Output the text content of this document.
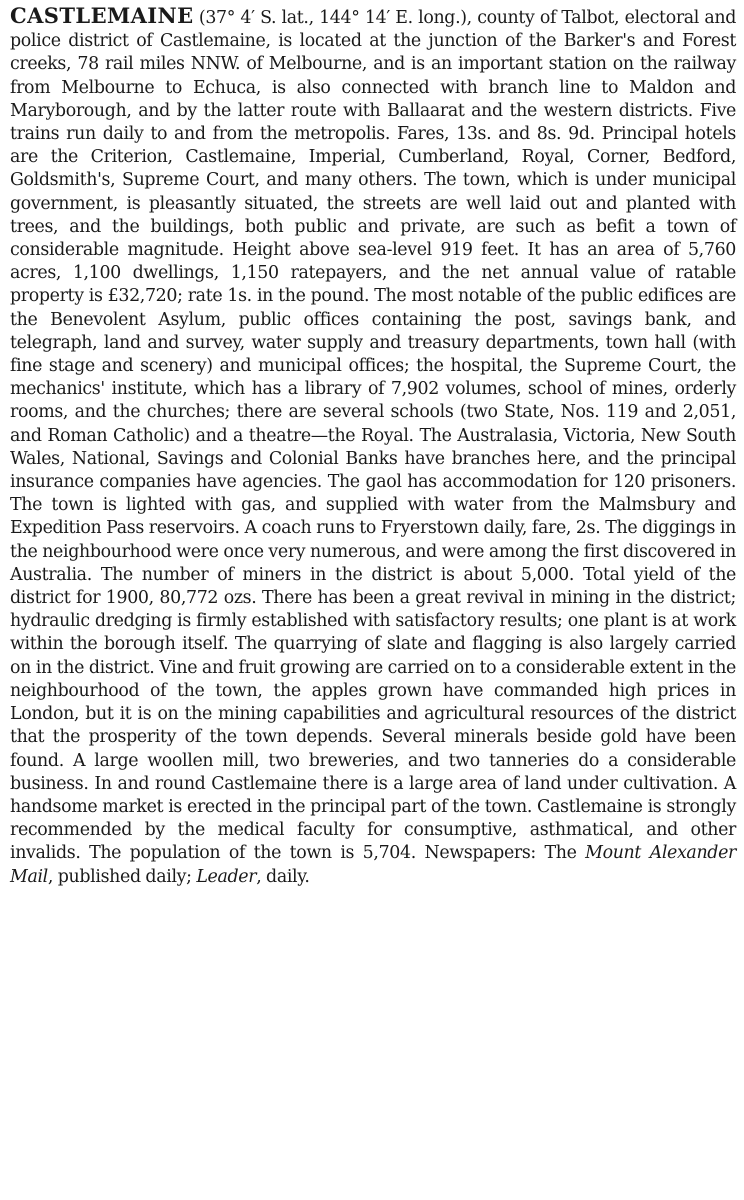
CASTLEMAINE (37° 4′ S. lat., 144° 14′ E. long.), county of Talbot, electoral and police district of Castlemaine, is located at the junction of the Barker's and Forest creeks, 78 rail miles NNW. of Melbourne, and is an important station on the railway from Melbourne to Echuca, is also connected with branch line to Maldon and Maryborough, and by the latter route with Ballaarat and the western districts. Five trains run daily to and from the metropolis. Fares, 13s. and 8s. 9d. Principal hotels are the Criterion, Castlemaine, Imperial, Cumberland, Royal, Corner, Bedford, Goldsmith's, Supreme Court, and many others. The town, which is under municipal government, is pleasantly situated, the streets are well laid out and planted with trees, and the buildings, both public and private, are such as befit a town of considerable magnitude. Height above sea-level 919 feet. It has an area of 5,760 acres, 1,100 dwellings, 1,150 ratepayers, and the net annual value of ratable property is £32,720; rate 1s. in the pound. The most notable of the public edifices are the Benevolent Asylum, public offices containing the post, savings bank, and telegraph, land and survey, water supply and treasury departments, town hall (with fine stage and scenery) and municipal offices; the hospital, the Supreme Court, the mechanics' institute, which has a library of 7,902 volumes, school of mines, orderly rooms, and the churches; there are several schools (two State, Nos. 119 and 2,051, and Roman Catholic) and a theatre—the Royal. The Australasia, Victoria, New South Wales, National, Savings and Colonial Banks have branches here, and the principal insurance companies have agencies. The gaol has accommodation for 120 prisoners. The town is lighted with gas, and supplied with water from the Malmsbury and Expedition Pass reservoirs. A coach runs to Fryerstown daily, fare, 2s. The diggings in the neighbourhood were once very numerous, and were among the first discovered in Australia. The number of miners in the district is about 5,000. Total yield of the district for 1900, 80,772 ozs. There has been a great revival in mining in the district; hydraulic dredging is firmly established with satisfactory results; one plant is at work within the borough itself. The quarrying of slate and flagging is also largely carried on in the district. Vine and fruit growing are carried on to a considerable extent in the neighbourhood of the town, the apples grown have commanded high prices in London, but it is on the mining capabilities and agricultural resources of the district that the prosperity of the town depends. Several minerals beside gold have been found. A large woollen mill, two breweries, and two tanneries do a considerable business. In and round Castlemaine there is a large area of land under cultivation. A handsome market is erected in the principal part of the town. Castlemaine is strongly recommended by the medical faculty for consumptive, asthmatical, and other invalids. The population of the town is 5,704. Newspapers: The Mount Alexander Mail, published daily; Leader, daily.
